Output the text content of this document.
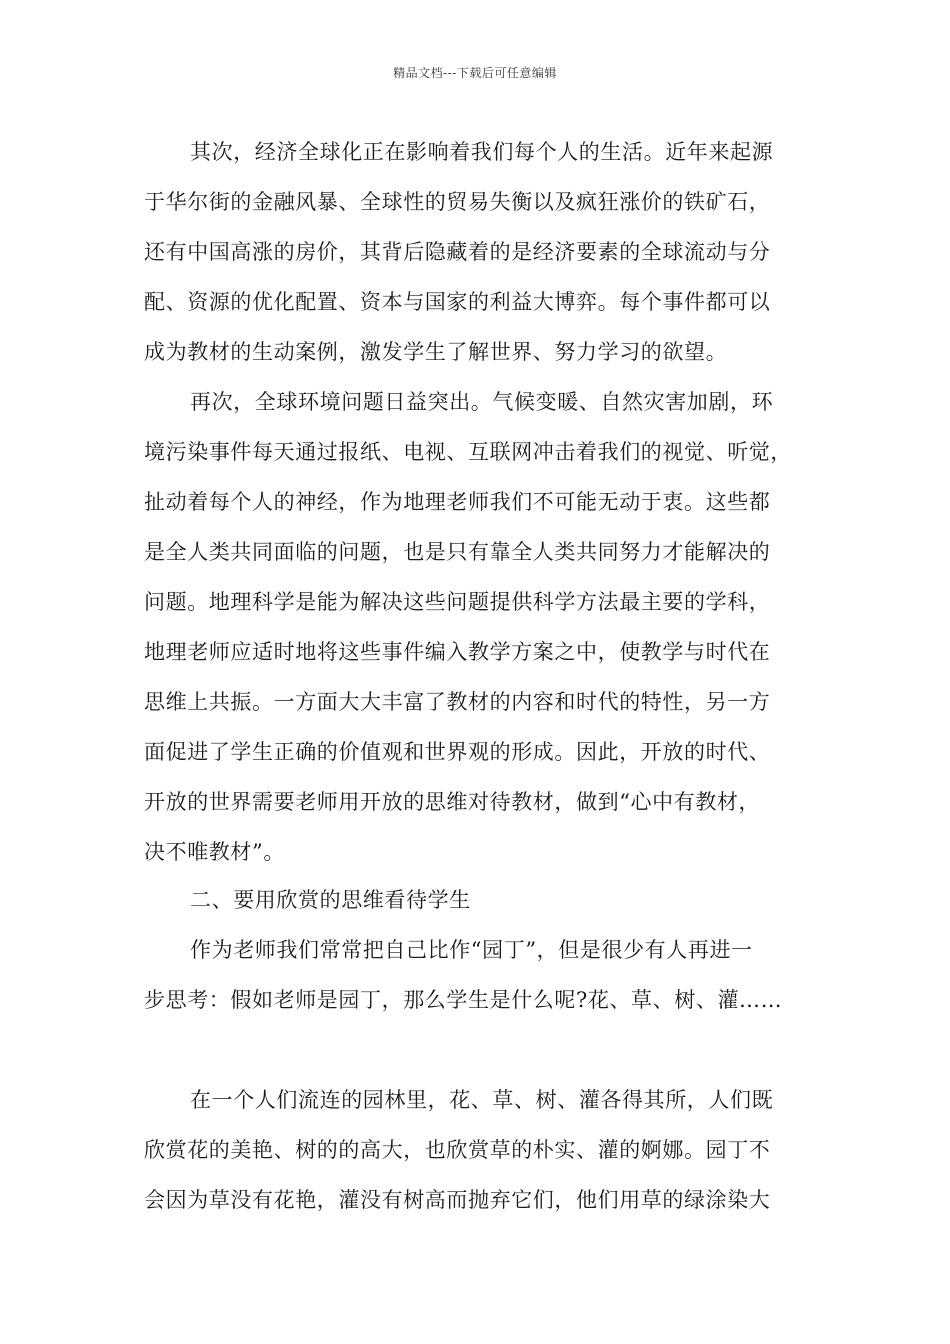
精品文档---下载后可任意编辑
其次，经济全球化正在影响着我们每个人的生活。近年来起源
于华尔街的金融风暴、全球性的贸易失衡以及疯狂涨价的铁矿石，
还有中国高涨的房价，其背后隐藏着的是经济要素的全球流动与分
配、资源的优化配置、资本与国家的利益大博弈。每个事件都可以
成为教材的生动案例，激发学生了解世界、努力学习的欲望。
再次，全球环境问题日益突出。气候变暖、自然灾害加剧，环
境污染事件每天通过报纸、电视、互联网冲击着我们的视觉、听觉，
扯动着每个人的神经，作为地理老师我们不可能无动于衷。这些都
是全人类共同面临的问题，也是只有靠全人类共同努力才能解决的
问题。地理科学是能为解决这些问题提供科学方法最主要的学科，
地理老师应适时地将这些事件编入教学方案之中，使教学与时代在
思维上共振。一方面大大丰富了教材的内容和时代的特性，另一方
面促进了学生正确的价值观和世界观的形成。因此，开放的时代、
开放的世界需要老师用开放的思维对待教材，做到“心中有教材，
决不唯教材”。
二、要用欣赏的思维看待学生
作为老师我们常常把自己比作“园丁”，但是很少有人再进一
步思考：假如老师是园丁，那么学生是什么呢?花、草、树、灌……
在一个人们流连的园林里，花、草、树、灌各得其所，人们既
欣赏花的美艳、树的的高大，也欣赏草的朴实、灌的婀娜。园丁不
会因为草没有花艳，灌没有树高而抛弃它们，他们用草的绿涂染大
